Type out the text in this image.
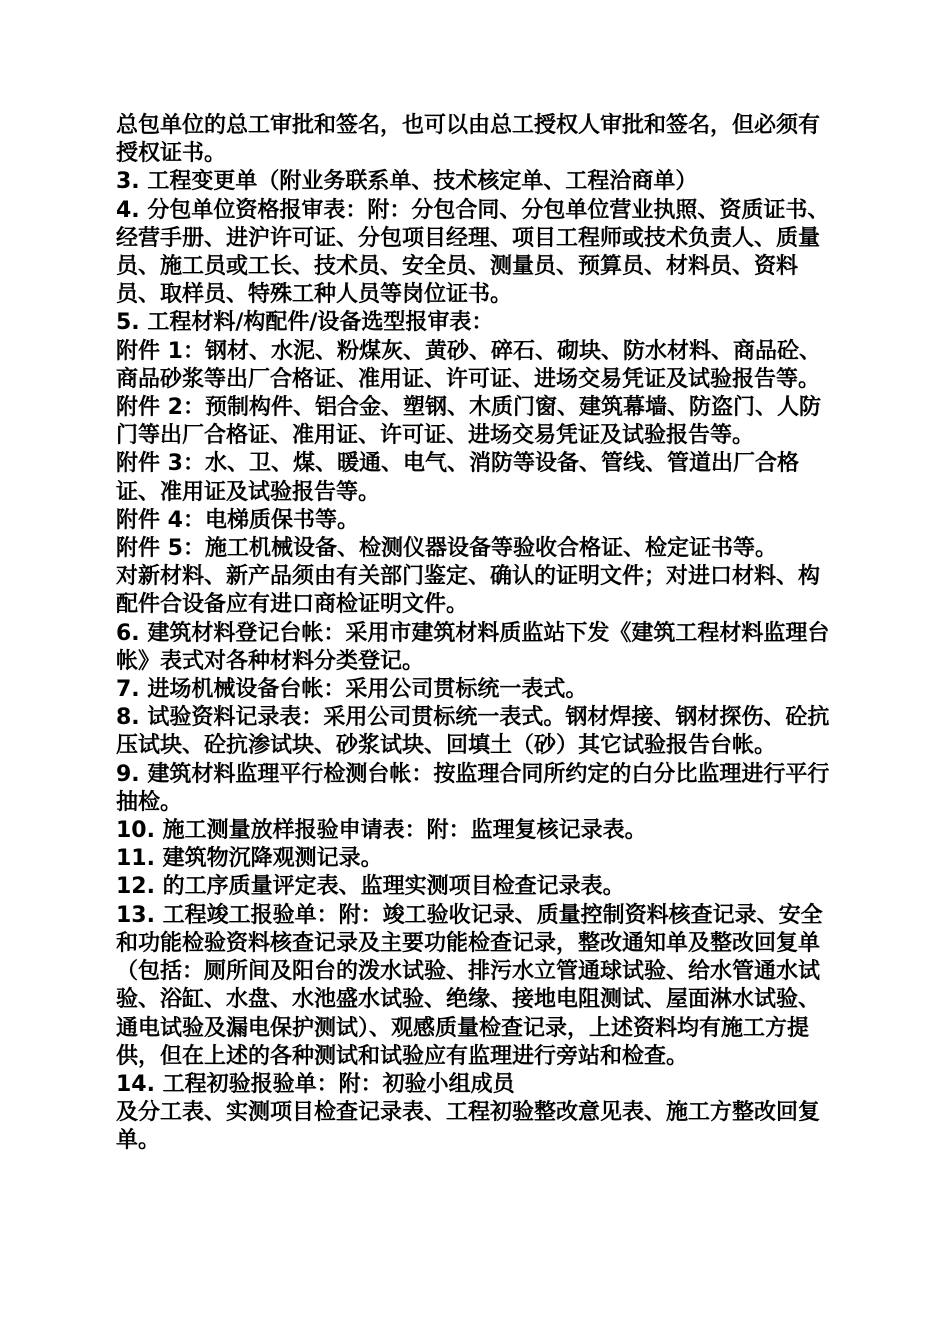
总包单位的总工审批和签名，也可以由总工授权人审批和签名，但必须有授权证书。

3. 工程变更单（附业务联系单、技术核定单、工程洽商单）

4. 分包单位资格报审表：附：分包合同、分包单位营业执照、资质证书、经营手册、进沪许可证、分包项目经理、项目工程师或技术负责人、质量员、施工员或工长、技术员、安全员、测量员、预算员、材料员、资料员、取样员、特殊工种人员等岗位证书。

5. 工程材料/构配件/设备选型报审表：

附件 1：钢材、水泥、粉煤灰、黄砂、碎石、砌块、防水材料、商品砼、商品砂浆等出厂合格证、准用证、许可证、进场交易凭证及试验报告等。

附件 2：预制构件、铝合金、塑钢、木质门窗、建筑幕墙、防盗门、人防门等出厂合格证、准用证、许可证、进场交易凭证及试验报告等。

附件 3：水、卫、煤、暖通、电气、消防等设备、管线、管道出厂合格证、准用证及试验报告等。

附件 4：电梯质保书等。

附件 5：施工机械设备、检测仪器设备等验收合格证、检定证书等。

对新材料、新产品须由有关部门鉴定、确认的证明文件；对进口材料、构配件合设备应有进口商检证明文件。

6. 建筑材料登记台帐：采用市建筑材料质监站下发《建筑工程材料监理台帐》表式对各种材料分类登记。

7. 进场机械设备台帐：采用公司贯标统一表式。

8. 试验资料记录表：采用公司贯标统一表式。钢材焊接、钢材探伤、砼抗压试块、砼抗渗试块、砂浆试块、回填土（砂）其它试验报告台帐。

9. 建筑材料监理平行检测台帐：按监理合同所约定的白分比监理进行平行抽检。

10. 施工测量放样报验申请表：附：监理复核记录表。

11. 建筑物沉降观测记录。

12. 的工序质量评定表、监理实测项目检查记录表。

13. 工程竣工报验单：附：竣工验收记录、质量控制资料核查记录、安全和功能检验资料核查记录及主要功能检查记录，整改通知单及整改回复单（包括：厕所间及阳台的泼水试验、排污水立管通球试验、给水管通水试验、浴缸、水盘、水池盛水试验、绝缘、接地电阻测试、屋面淋水试验、通电试验及漏电保护测试）、观感质量检查记录，上述资料均有施工方提供，但在上述的各种测试和试验应有监理进行旁站和检查。

14. 工程初验报验单：附：初验小组成员

及分工表、实测项目检查记录表、工程初验整改意见表、施工方整改回复单。
